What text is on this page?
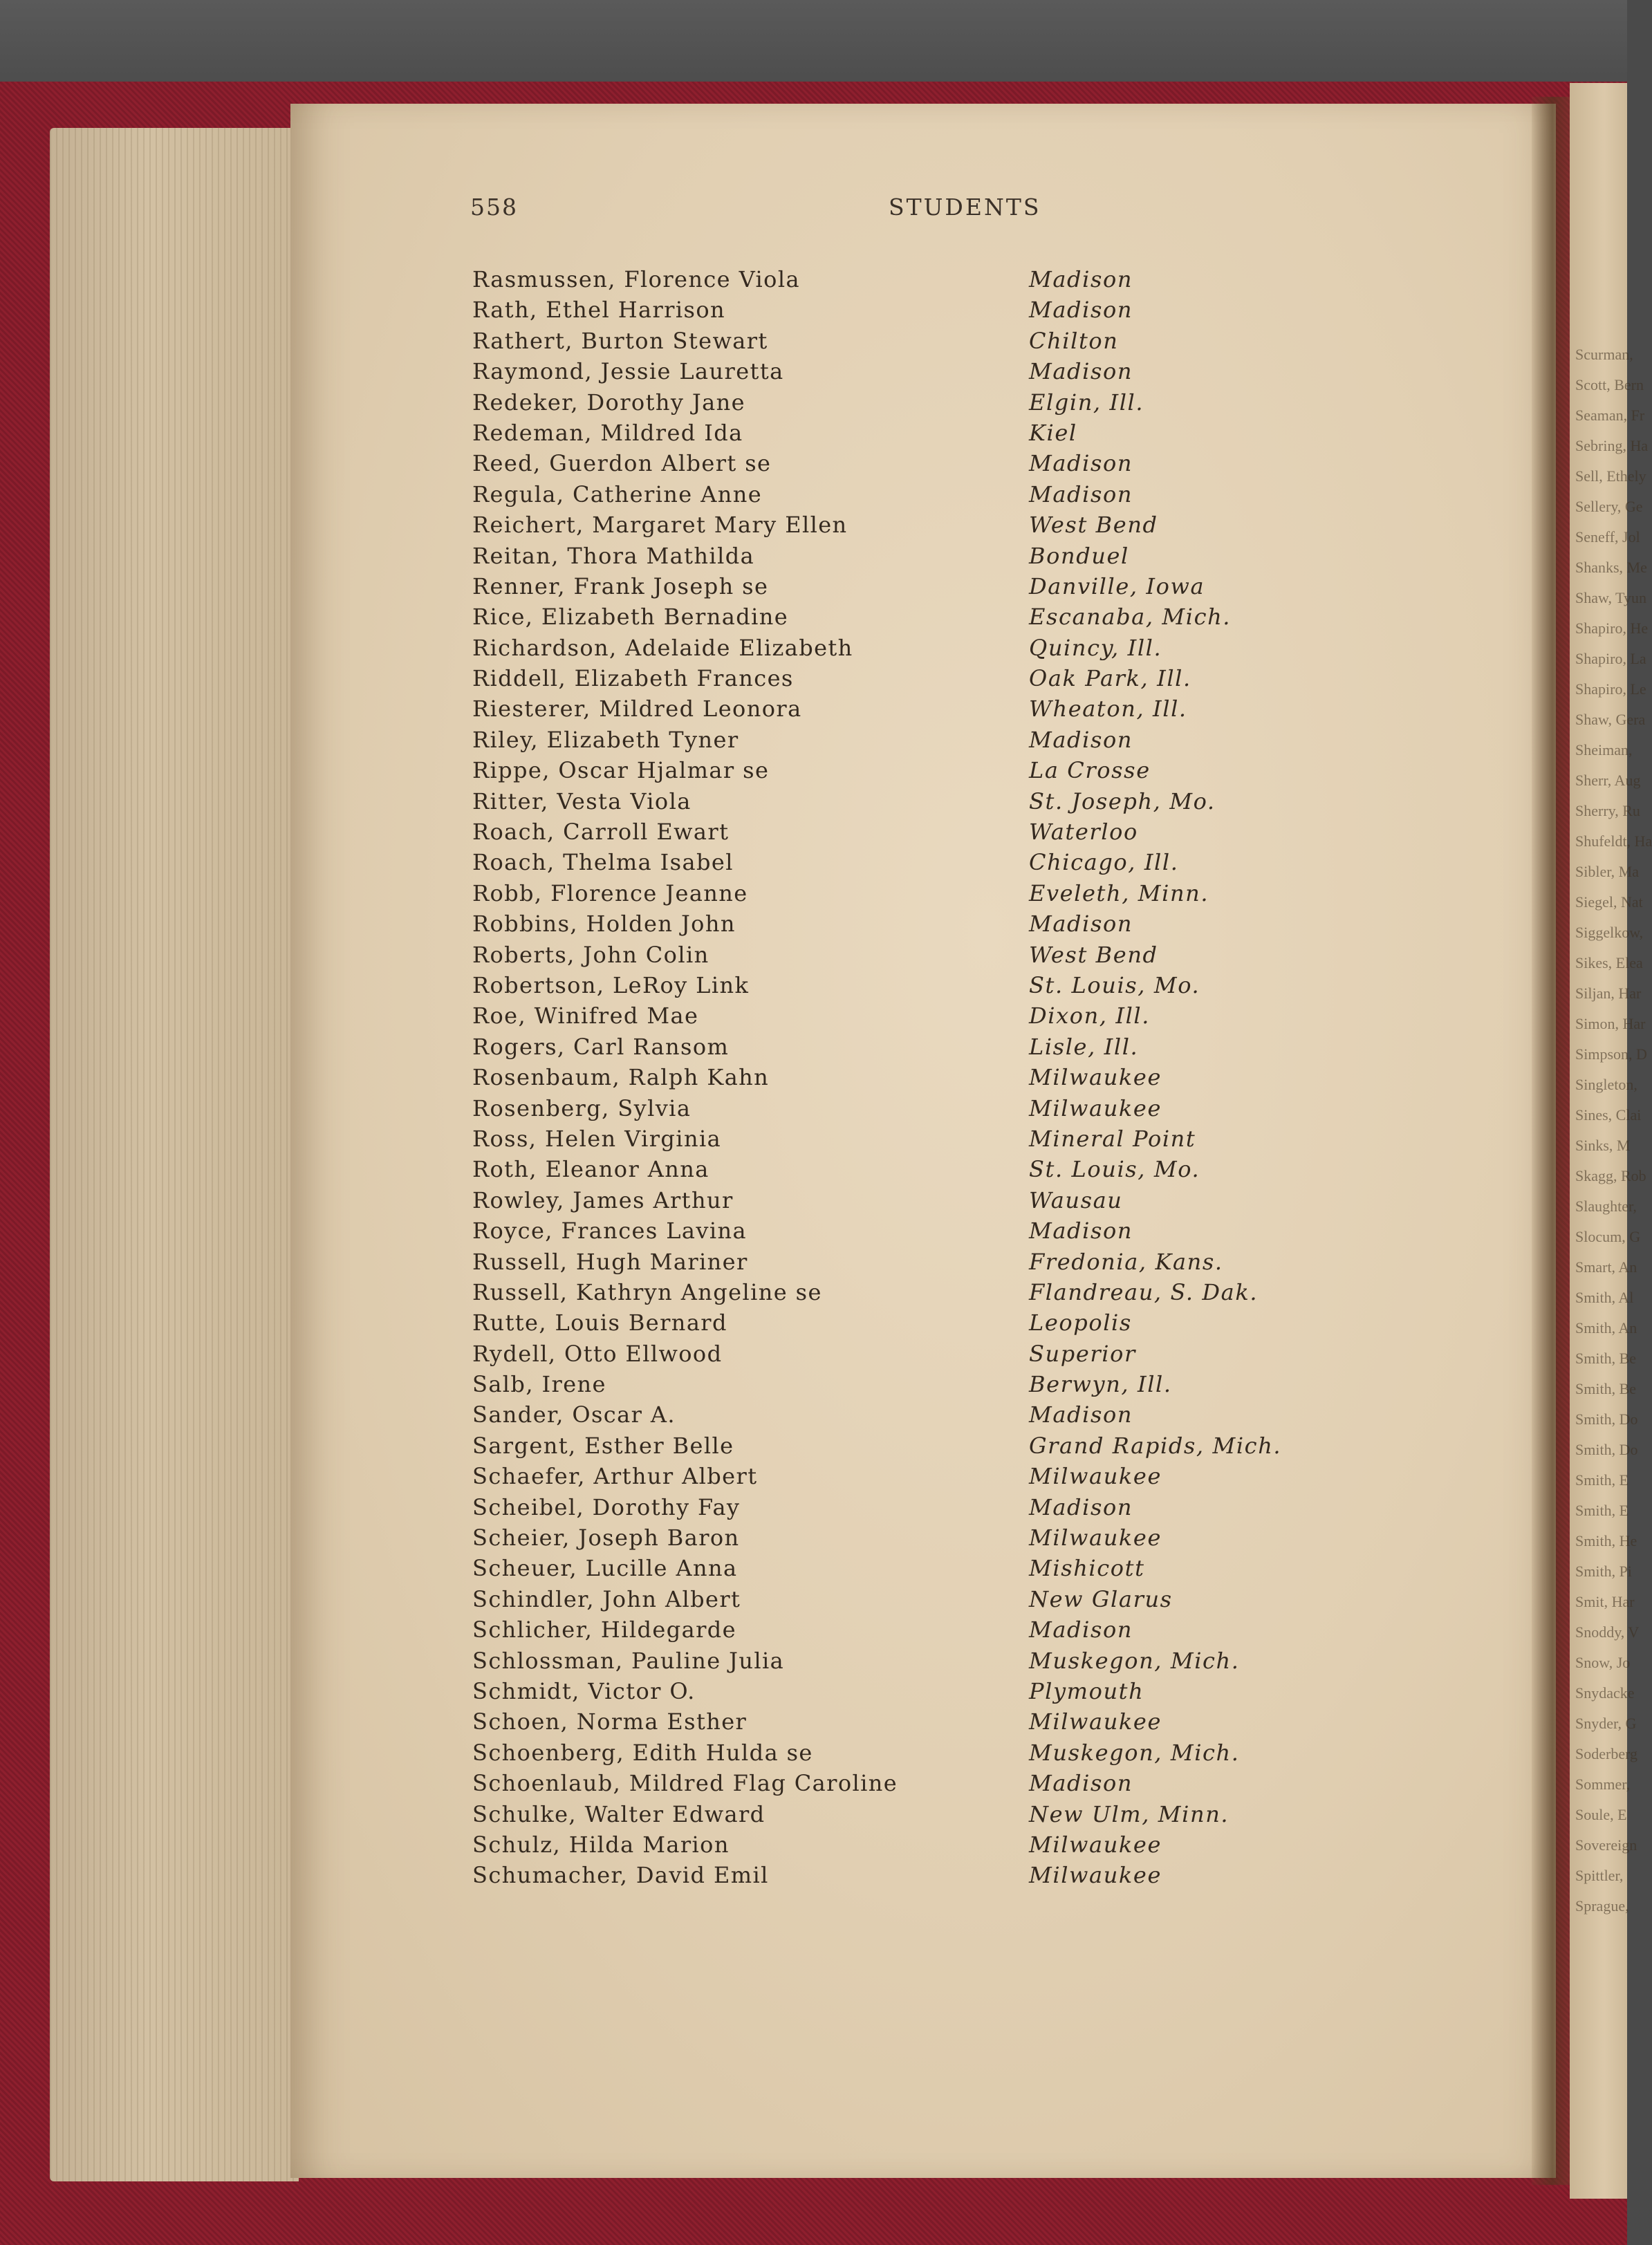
Scurman,
Scott, Bern
Seaman, Fr
Sebring, Ha
Sell, Ethely
Sellery, Ge
Seneff, Jol
Shanks, Me
Shaw, Tyun
Shapiro, He
Shapiro, La
Shapiro, Le
Shaw, Gera
Sheiman,
Sherr, Aug
Sherry, Ru
Shufeldt, Ha
Sibler, Ma
Siegel, Nat
Siggelkow,
Sikes, Elea
Siljan, Har
Simon, Har
Simpson, D
Singleton,
Sines, Clai
Sinks, M
Skagg, Rob
Slaughter,
Slocum, G
Smart, An
Smith, Al
Smith, An
Smith, Be
Smith, Be
Smith, Do
Smith, Do
Smith, E
Smith, E
Smith, He
Smith, Pi
Smit, Har
Snoddy, V
Snow, Jo
Snydacke
Snyder, G
Soderberg
Sommer,
Soule, E
Sovereign
Spittler,
Sprague,
558	STUDENTS
Rasmussen, Florence Viola	Madison
Rath, Ethel Harrison	Madison
Rathert, Burton Stewart	Chilton
Raymond, Jessie Lauretta	Madison
Redeker, Dorothy Jane	Elgin, Ill.
Redeman, Mildred Ida	Kiel
Reed, Guerdon Albert se	Madison
Regula, Catherine Anne	Madison
Reichert, Margaret Mary Ellen	West Bend
Reitan, Thora Mathilda	Bonduel
Renner, Frank Joseph se	Danville, Iowa
Rice, Elizabeth Bernadine	Escanaba, Mich.
Richardson, Adelaide Elizabeth	Quincy, Ill.
Riddell, Elizabeth Frances	Oak Park, Ill.
Riesterer, Mildred Leonora	Wheaton, Ill.
Riley, Elizabeth Tyner	Madison
Rippe, Oscar Hjalmar se	La Crosse
Ritter, Vesta Viola	St. Joseph, Mo.
Roach, Carroll Ewart	Waterloo
Roach, Thelma Isabel	Chicago, Ill.
Robb, Florence Jeanne	Eveleth, Minn.
Robbins, Holden John	Madison
Roberts, John Colin	West Bend
Robertson, LeRoy Link	St. Louis, Mo.
Roe, Winifred Mae	Dixon, Ill.
Rogers, Carl Ransom	Lisle, Ill.
Rosenbaum, Ralph Kahn	Milwaukee
Rosenberg, Sylvia	Milwaukee
Ross, Helen Virginia	Mineral Point
Roth, Eleanor Anna	St. Louis, Mo.
Rowley, James Arthur	Wausau
Royce, Frances Lavina	Madison
Russell, Hugh Mariner	Fredonia, Kans.
Russell, Kathryn Angeline se	Flandreau, S. Dak.
Rutte, Louis Bernard	Leopolis
Rydell, Otto Ellwood	Superior
Salb, Irene	Berwyn, Ill.
Sander, Oscar A.	Madison
Sargent, Esther Belle	Grand Rapids, Mich.
Schaefer, Arthur Albert	Milwaukee
Scheibel, Dorothy Fay	Madison
Scheier, Joseph Baron	Milwaukee
Scheuer, Lucille Anna	Mishicott
Schindler, John Albert	New Glarus
Schlicher, Hildegarde	Madison
Schlossman, Pauline Julia	Muskegon, Mich.
Schmidt, Victor O.	Plymouth
Schoen, Norma Esther	Milwaukee
Schoenberg, Edith Hulda se	Muskegon, Mich.
Schoenlaub, Mildred Flag Caroline	Madison
Schulke, Walter Edward	New Ulm, Minn.
Schulz, Hilda Marion	Milwaukee
Schumacher, David Emil	Milwaukee
